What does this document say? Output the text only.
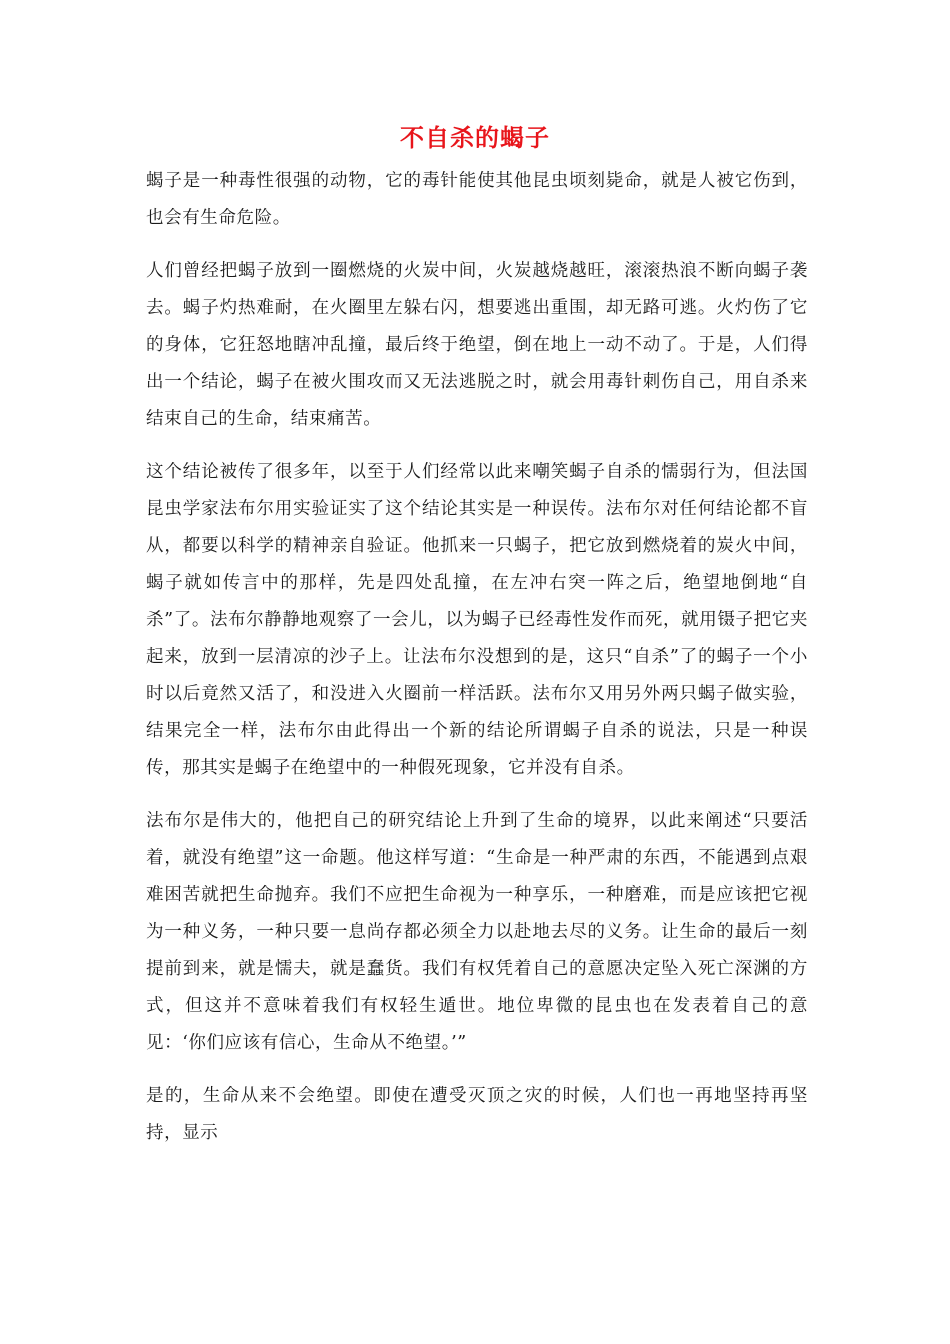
不自杀的蝎子

蝎子是一种毒性很强的动物，它的毒针能使其他昆虫顷刻毙命，就是人被它伤到，也会有生命危险。

人们曾经把蝎子放到一圈燃烧的火炭中间，火炭越烧越旺，滚滚热浪不断向蝎子袭去。蝎子灼热难耐，在火圈里左躲右闪，想要逃出重围，却无路可逃。火灼伤了它的身体，它狂怒地瞎冲乱撞，最后终于绝望，倒在地上一动不动了。于是，人们得出一个结论，蝎子在被火围攻而又无法逃脱之时，就会用毒针刺伤自己，用自杀来结束自己的生命，结束痛苦。

这个结论被传了很多年，以至于人们经常以此来嘲笑蝎子自杀的懦弱行为，但法国昆虫学家法布尔用实验证实了这个结论其实是一种误传。法布尔对任何结论都不盲从，都要以科学的精神亲自验证。他抓来一只蝎子，把它放到燃烧着的炭火中间，蝎子就如传言中的那样，先是四处乱撞，在左冲右突一阵之后，绝望地倒地“自杀”了。法布尔静静地观察了一会儿，以为蝎子已经毒性发作而死，就用镊子把它夹起来，放到一层清凉的沙子上。让法布尔没想到的是，这只“自杀”了的蝎子一个小时以后竟然又活了，和没进入火圈前一样活跃。法布尔又用另外两只蝎子做实验，结果完全一样，法布尔由此得出一个新的结论所谓蝎子自杀的说法，只是一种误传，那其实是蝎子在绝望中的一种假死现象，它并没有自杀。

法布尔是伟大的，他把自己的研究结论上升到了生命的境界，以此来阐述“只要活着，就没有绝望”这一命题。他这样写道：“生命是一种严肃的东西，不能遇到点艰难困苦就把生命抛弃。我们不应把生命视为一种享乐，一种磨难，而是应该把它视为一种义务，一种只要一息尚存都必须全力以赴地去尽的义务。让生命的最后一刻提前到来，就是懦夫，就是蠢货。我们有权凭着自己的意愿决定坠入死亡深渊的方式，但这并不意味着我们有权轻生遁世。地位卑微的昆虫也在发表着自己的意见：‘你们应该有信心，生命从不绝望。’”

是的，生命从来不会绝望。即使在遭受灭顶之灾的时候，人们也一再地坚持再坚持，显示
